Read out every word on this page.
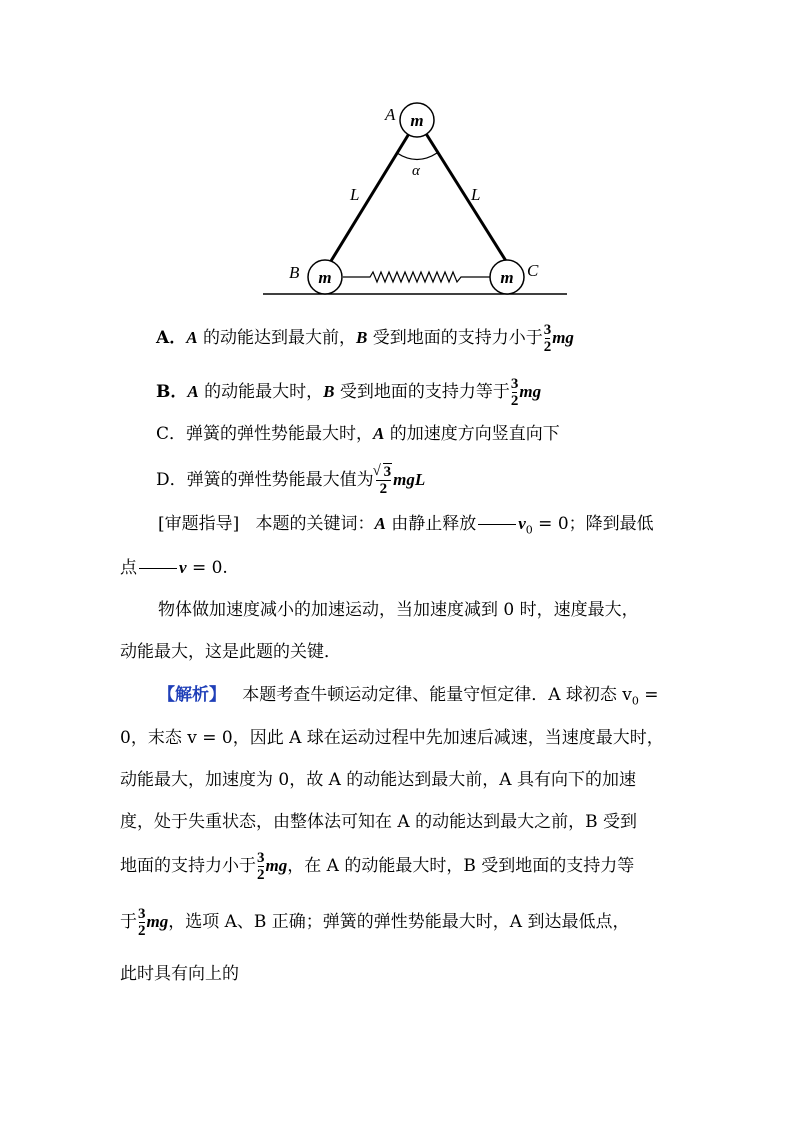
m
m	m
A
B	C
α
L	L
A．A 的动能达到最大前，B 受到地面的支持力小于 $\frac{3}{2}$ mg
B．A 的动能最大时，B 受到地面的支持力等于 $\frac{3}{2}$ mg
C．弹簧的弹性势能最大时，A 的加速度方向竖直向下
D．弹簧的弹性势能最大值为 $\frac{√ 3}{2}$ mgL
[审题指导] 本题的关键词：A 由静止释放 $v_0 = 0$；降到最低
点 v = 0.
物体做加速度减小的加速运动，当加速度减到 0 时，速度最大，
动能最大，这是此题的关键．
【解析】 本题考查牛顿运动定律、能量守恒定律．A 球初态 $v_0$ =
0，末态 v = 0，因此 A 球在运动过程中先加速后减速，当速度最大时，
动能最大，加速度为 0，故 A 的动能达到最大前，A 具有向下的加速
度，处于失重状态，由整体法可知在 A 的动能达到最大之前，B 受到
地面的支持力小于 $\frac{3}{2}$ mg，在 A 的动能最大时，B 受到地面的支持力等
于 $\frac{3}{2}$ mg，选项 A、B 正确；弹簧的弹性势能最大时，A 到达最低点，
此时具有向上的
